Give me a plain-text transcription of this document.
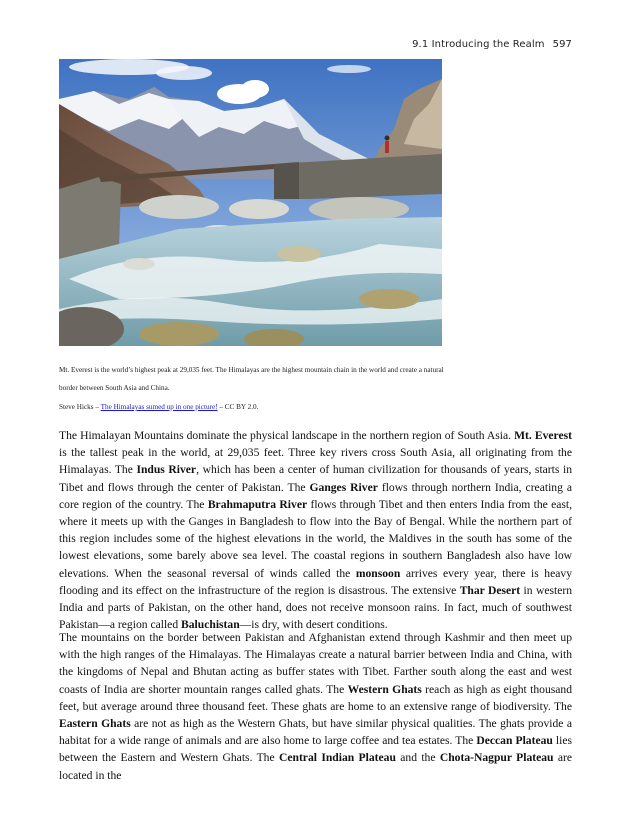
9.1 Introducing the Realm 597
Mt. Everest is the world’s highest peak at 29,035 feet. The Himalayas are the highest mountain chain in the world and create a natural border between South Asia and China.
Steve Hicks – The Himalayas sumed up in one picture! – CC BY 2.0.

The Himalayan Mountains dominate the physical landscape in the northern region of South Asia. Mt. Everest is the tallest peak in the world, at 29,035 feet. Three key rivers cross South Asia, all originating from the Himalayas. The Indus River, which has been a center of human civilization for thousands of years, starts in Tibet and flows through the center of Pakistan. The Ganges River flows through northern India, creating a core region of the country. The Brahmaputra River flows through Tibet and then enters India from the east, where it meets up with the Ganges in Bangladesh to flow into the Bay of Bengal. While the northern part of this region includes some of the highest elevations in the world, the Maldives in the south has some of the lowest elevations, some barely above sea level. The coastal regions in southern Bangladesh also have low elevations. When the seasonal reversal of winds called the monsoon arrives every year, there is heavy flooding and its effect on the infrastructure of the region is disastrous. The extensive Thar Desert in western India and parts of Pakistan, on the other hand, does not receive monsoon rains. In fact, much of southwest Pakistan—a region called Baluchistan—is dry, with desert conditions.

The mountains on the border between Pakistan and Afghanistan extend through Kashmir and then meet up with the high ranges of the Himalayas. The Himalayas create a natural barrier between India and China, with the kingdoms of Nepal and Bhutan acting as buffer states with Tibet. Farther south along the east and west coasts of India are shorter mountain ranges called ghats. The Western Ghats reach as high as eight thousand feet, but average around three thousand feet. These ghats are home to an extensive range of biodiversity. The Eastern Ghats are not as high as the Western Ghats, but have similar physical qualities. The ghats provide a habitat for a wide range of animals and are also home to large coffee and tea estates. The Deccan Plateau lies between the Eastern and Western Ghats. The Central Indian Plateau and the Chota-Nagpur Plateau are located in the
